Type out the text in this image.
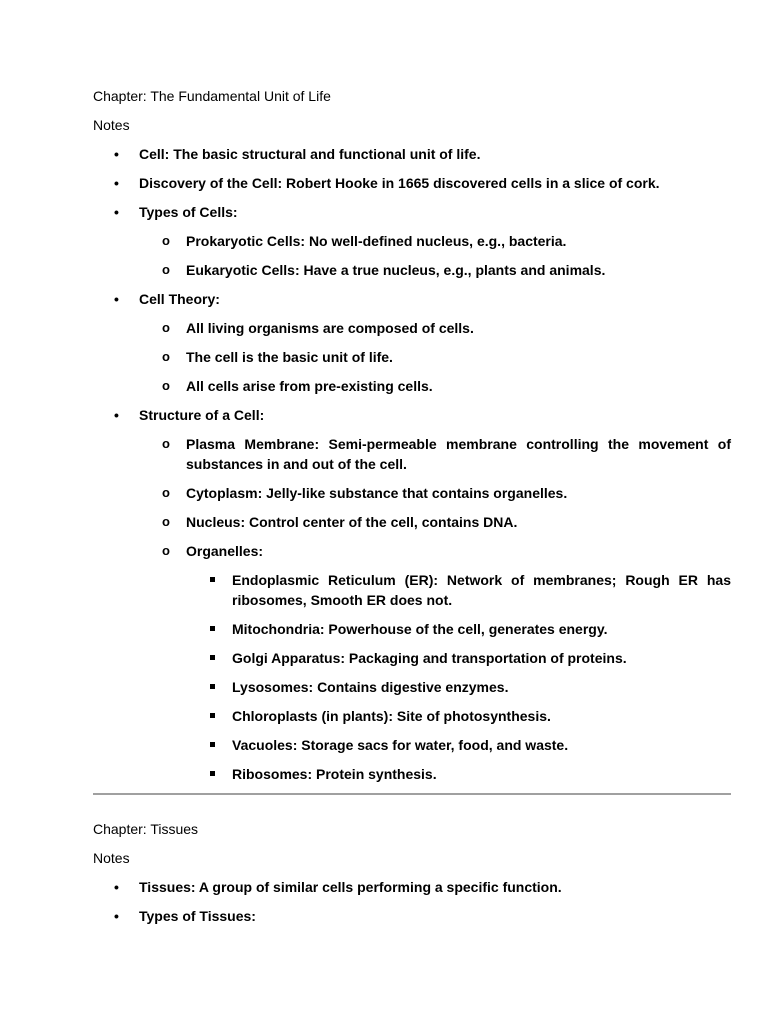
Chapter: The Fundamental Unit of Life
Notes
•	Cell: The basic structural and functional unit of life.
•	Discovery of the Cell: Robert Hooke in 1665 discovered cells in a slice of cork.
•	Types of Cells:
o Prokaryotic Cells: No well-defined nucleus, e.g., bacteria.
o Eukaryotic Cells: Have a true nucleus, e.g., plants and animals.
•	Cell Theory:
o All living organisms are composed of cells.
o The cell is the basic unit of life.
o All cells arise from pre-existing cells.
•	Structure of a Cell:
o Plasma Membrane: Semi-permeable membrane controlling the movement of substances in and out of the cell.
o Cytoplasm: Jelly-like substance that contains organelles.
o Nucleus: Control center of the cell, contains DNA.
o Organelles:
Endoplasmic Reticulum (ER): Network of membranes; Rough ER has ribosomes, Smooth ER does not.
Mitochondria: Powerhouse of the cell, generates energy.
Golgi Apparatus: Packaging and transportation of proteins.
Lysosomes: Contains digestive enzymes.
Chloroplasts (in plants): Site of photosynthesis.
Vacuoles: Storage sacs for water, food, and waste.
Ribosomes: Protein synthesis.
Chapter: Tissues
Notes
•	Tissues: A group of similar cells performing a specific function.
•	Types of Tissues:
